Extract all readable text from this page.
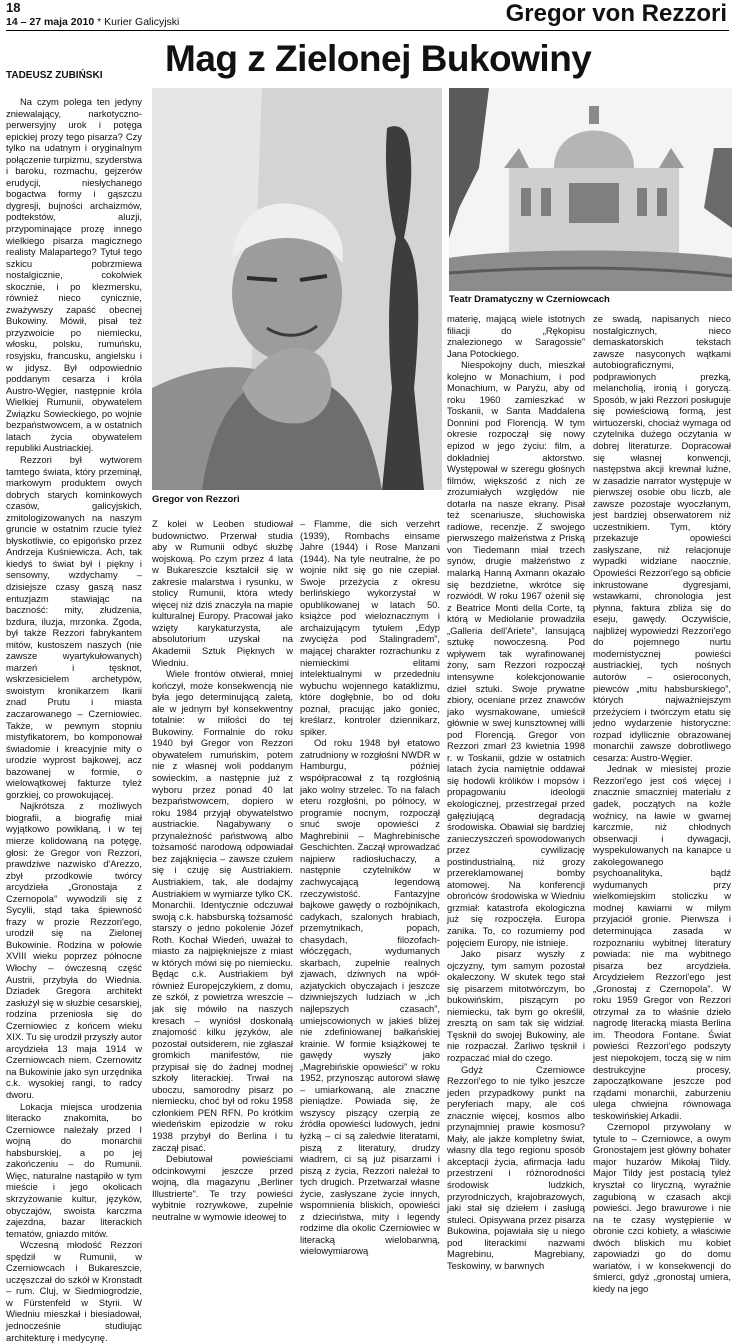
18
14 – 27 maja 2010 * Kurier Galicyjski	Gregor von Rezzori
Mag z Zielonej Bukowiny
TADEUSZ ZUBIŃSKI

Na czym polega ten jedyny zniewalający, narkotyczno-perwersyjny urok i potęga epickiej prozy tego pisarza? Czy tylko na udatnym i oryginalnym połączenie turpizmu, szyderstwa i baroku, rozmachu, gejzerów erudycji, niesłychanego bogactwa formy i gąszczu dygresji, bujności archaizmów, podtekstów, aluzji, przypominające prozę innego wielkiego pisarza magicznego realisty Malapartego? Tytuł tego szkicu pobrzmiewa nostalgicznie, cokolwiek skocznie, i po klezmersku, również nieco cynicznie, zważywszy zapaść obecnej Bukowiny. Mówił, pisał też przyzwoicie po niemiecku, włosku, polsku, rumuńsku, rosyjsku, francusku, angielsku i w jidysz. Był odpowiednio poddanym cesarza i króla Austro-Węgier, następnie króla Wielkiej Rumunii, obywatelem Związku Sowieckiego, po wojnie bezpaństwowcem, a w ostatnich latach życia obywatelem republiki Austriackiej.

Rezzori był wytworem tamtego świata, który przeminął, markowym produktem owych dobrych starych kominkowych czasów, galicyjskich, zmitologizowanych na naszym gruncie w ostatnim rzucie tyleż błyskotliwie, co epigońsko przez Andrzeja Kuśniewicza. Ach, tak kiedyś to świat był i piękny i sensowny, wzdychamy – dzisiejsze czasy gaszą nasz entuzjazm stawiając na baczność: mity, złudzenia, bzdura, iluzja, mrzonka. Zgoda, był także Rezzori fabrykantem mitów, kustoszem naszych (nie zawsze wyartykułowanych) marzeń i tęsknot, wskrzesicielem archetypów, swoistym kronikarzem Ikarii znad Prutu i miasta zaczarowanego – Czerniowiec. Także, w pewnym stopniu mistyfikatorem, bo komponował świadomie i kreacyjnie mity o urodzie wyprost bajkowej, acz bazowanej w formie, o wielowątkowej fakturze tyleż gorzkiej, co prowokującej.

Najkrótsza z możliwych biografii, a biografię miał wyjątkowo powikłaną, i w tej mierze kolidowaną na potęgę, głosi: że Gregor von Rezzori, prawdziwe nazwisko d'Arezzo, zbył przodkowie twórcy arcydzieła „Gronostaja z Czernopola” wywodzili się z Sycylii, stąd taka śpiewność frazy w prozie Rezzori'ego, urodził się na Zielonej Bukowinie. Rodzina w połowie XVIII wieku poprzez północne Włochy – ówczesną część Austrii, przybyła do Wiednia. Dziadek Gregora architekt zasłużył się w służbie cesarskiej, rodzina przeniosła się do Czerniowiec z końcem wieku XIX. Tu się urodził przyszły autor arcydzieła 13 maja 1914 w Czerniowcach niem. Czernowitz na Bukowinie jako syn urzędnika c.k. wysokiej rangi, to radcy dworu.

Lokacja miejsca urodzenia literacko znakomita, bo Czerniowce należały przed I wojną do monarchii habsburskiej, a po jej zakończeniu – do Rumunii. Więc, naturalne nastąpiło w tym mieście i jego okolicach skrzyżowanie kultur, języków, obyczajów, swoista karczma zajezdna, bazar literackich tematów, gniazdo mitów.

Wczesną młodość Rezzori spędził w Rumunii, w Czerniowcach i Bukareszcie, uczęszczał do szkół w Kronstadt – rum. Cluj, w Siedmiogrodzie, w Fürstenfeld w Styrii. W Wiedniu mieszkał i biesiadował, jednocześnie studiując architekturę i medycynę.

Gregor von Rezzori
Teatr Dramatyczny w Czerniowcach

Z kolei w Leoben studiował budownictwo. Przerwał studia aby w Rumunii odbyć służbę wojskową. Po czym przez 4 lata w Bukareszcie kształcił się w zakresie malarstwa i rysunku, w stolicy Rumunii, która wtedy więcej niż dziś znaczyła na mapie kulturalnej Europy. Pracował jako wzięty karykaturzysta, ale absolutorium uzyskał na Akademii Sztuk Pięknych w Wiedniu.

Wiele frontów otwierał, mniej kończył, może konsekwencją nie była jego determinującą zaletą, ale w jednym był konsekwentny totalnie: w miłości do tej Bukowiny. Formalnie do roku 1940 był Gregor von Rezzori obywatelem rumuńskim, potem nie z własnej woli poddanym sowieckim, a następnie już z wyboru przez ponad 40 lat bezpaństwowcem, dopiero w roku 1984 przyjął obywatelstwo austriackie. Nagabywany o przynależność państwową albo tożsamość narodową odpowiadał bez zająknięcia – zawsze czułem się i czuję się Austriakiem. Austriakiem, tak, ale dodajmy Austriakiem w wymiarze tylko CK. Monarchii. Identycznie odczuwał swoją c.k. habsburską tożsamość starszy o jedno pokolenie Józef Roth. Kochał Wiedeń, uważał to miasto za najpiękniejsze z miast w których mówi się po niemiecku. Będąc c.k. Austriakiem był również Europejczykiem, z domu, ze szkół, z powietrza wreszcie – jak się mówiło na naszych kresach – wyniósł doskonałą znajomość kilku języków, ale pozostał outsiderem, nie zgłaszał gromkich manifestów, nie przypisał się do żadnej modnej szkoły literackiej. Trwał na uboczu, samorodny pisarz po niemiecku, choć był od roku 1958 członkiem PEN RFN. Po krótkim wiedeńskim epizodzie w roku 1938 przybył do Berlina i tu zaczął pisać.

Debiutował powieściami odcinkowymi jeszcze przed wojną, dla magazynu „Berliner Illustrierte”. Te trzy powieści wybitnie rozrywkowe, zupełnie neutralne w wymowie ideowej to

– Flamme, die sich verzehrt (1939), Rombachs einsame Jahre (1944) i Rose Manzani (1944). Na tyle neutralne, że po wojnie nikt się go nie czepiał. Swoje przeżycia z okresu berlińskiego wykorzystał w opublikowanej w latach 50. książce pod wieloznacznym i archaizującym tytułem „Edyp zwycięża pod Stalingradem”, mającej charakter rozrachunku z niemieckimi elitami intelektualnymi w przededniu wybuchu wojennego kataklizmu, które dogłębnie, bo od dołu poznał, pracując jako goniec, kreślarz, kontroler dziennikarz, spiker.

Od roku 1948 był etatowo zatrudniony w rozgłośni NWDR w Hamburgu, później współpracował z tą rozgłośnią jako wolny strzelec. To na falach eteru rozgłośni, po północy, w programie nocnym, rozpoczął snuć swoje opowieści z Maghrebinii – Maghrebinische Geschichten. Zaczął wprowadzać najpierw radiosłuchaczy, a następnie czytelników w zachwycającą legendową rzeczywistość. Fantazyjne bajkowe gawędy o rozbójnikach, cadykach, szalonych hrabiach, przemytnikach, popach, chasydach, filozofach-włóczęgach, wydumanych skarbach, zupełnie realnych zjawach, dziwnych na wpół-azjatyckich obyczajach i jeszcze dziwniejszych ludziach w „ich najlepszych czasach”, umiejscowionych w jakieś bliżej nie zdefiniowanej bałkańskiej krainie. W formie książkowej te gawędy wyszły jako „Magrebińskie opowieści” w roku 1952, przynosząc autorowi sławę – umiarkowaną, ale znaczne pieniądze. Powiada się, że wszyscy piszący czerpią ze źródła opowieści ludowych, jedni łyżką – ci są zaledwie literatami, piszą z literatury, drudzy wiadrem, ci są już pisarzami i piszą z życia, Rezzori należał to tych drugich. Przetwarzał własne życie, zasłyszane życie innych, wspomnienia bliskich, opowieści z dzieciństwa, mity i legendy rodzime dla okolic Czerniowiec w literacką wielobarwną, wielowymiarową

materię, mającą wiele istotnych filiacji do „Rękopisu znalezionego w Saragossie” Jana Potockiego.

Niespokojny duch, mieszkał kolejno w Monachium, i pod Monachium, w Paryżu, aby od roku 1960 zamieszkać w Toskanii, w Santa Maddalena Donnini pod Florencją. W tym okresie rozpoczął się nowy epizod w jego życiu: film, a dokładniej aktorstwo. Występował w szeregu głośnych filmów, większość z nich ze zrozumiałych względów nie dotarła na nasze ekrany. Pisał też scenariusze, słuchowiska radiowe, recenzje. Z swojego pierwszego małżeństwa z Priską von Tiedemann miał trzech synów, drugie małżeństwo z malarką Hanną Axmann okazało się bezdzietne, wkrótce się rozwiódł. W roku 1967 ożenił się z Beatrice Monti della Corte, tą którą w Mediolanie prowadziła „Galleria dell'Ariete”, lansującą sztukę nowoczesną. Pod wpływem tak wyrafinowanej żony, sam Rezzori rozpoczął intensywne kolekcjonowanie dzieł sztuki. Swoje prywatne zbiory, oceniane przez znawców jako wysmakowane, umieścił głównie w swej kunsztownej willi pod Florencją. Gregor von Rezzori zmarł 23 kwietnia 1998 r. w Toskanii, gdzie w ostatnich latach życia namiętnie oddawał się hodowli królików i mopsów i propagowaniu ideologii ekologicznej, przestrzegał przed gałęziującą degradacją środowiska. Obawiał się bardziej zanieczyszczeń spowodowanych przez cywilizację postindustrialną, niż grozy przereklamowanej bomby atomowej. Na konferencji obrońców środowiska w Wiedniu grzmiał: katastrofa ekologiczna już się rozpoczęła. Europa zanika. To, co rozumiemy pod pojęciem Europy, nie istnieje.

Jako pisarz wyszły z ojczyzny, tym samym pozostał okaleczony. W skutek tego stał się pisarzem mitotwórczym, bo bukowińskim, piszącym po niemiecku, tak bym go określił, zresztą on sam tak się widział. Tęsknił do swojej Bukowiny, ale nie rozpaczał. Żarliwo tęsknił i rozpaczać miał do czego.

Gdyż Czerniowce Rezzori'ego to nie tylko jeszcze jeden przypadkowy punkt na peryferiach mapy, ale coś znacznie więcej, kosmos albo przynajmniej prawie kosmosu? Mały, ale jakże kompletny świat, własny dla tego regionu sposób akceptacji życia, afirmacja ładu przestrzeni i różnorodności środowisk ludzkich, przyrodniczych, krajobrazowych, jaki stał się dziełem i zasługą stuleci. Opisywana przez pisarza Bukowina, pojawiała się u niego pod literackimi nazwami Magrebinu, Magrebiany, Teskowiny, w barwnych

ze swadą, napisanych nieco nostalgicznych, nieco demaskatorskich tekstach zawsze nasyconych wątkami autobiograficznymi, podprawionych prezką, melancholią, ironią i goryczą. Sposób, w jaki Rezzori posługuje się powieściową formą, jest wirtuozerski, chociaż wymaga od czytelnika dużego oczytania w dobrej literaturze. Dopracował się własnej konwencji, następstwa akcji krewnał luźne, w zasadzie narrator występuje w pierwszej osobie obu liczb, ale zawsze pozostaje wyoczłanym, jest bardziej obserwatorem niż uczestnikiem. Tym, który przekazuje opowieści zasłyszane, niż relacjonuje wypadki widziane naocznie. Opowieści Rezzori'ego są obficie inkrustowane dygresjami, wstawkami, chronologia jest płynna, faktura zbliża się do eseju, gawędy. Oczywiście, najbliżej wypowiedzi Rezzori'ego do pojemnego nurtu modernistycznej powieści austriackiej, tych nośnych autorów – osieroconych, piewców „mitu habsburskiego”, których najważniejszym przeżyciem i twórczym etatu się jedno wydarzenie historyczne: rozpad idyllicznie obrazowanej monarchii zawsze dobrotliwego cesarza: Austro-Węgier.

Jednak w miesistej prozie Rezzori'ego jest coś więcej i znacznie smaczniej materiału z gadek, początych na koźle woźnicy, na ławie w gwarnej karczmie, niż chłodnych obserwacji i dywagacji, wyspekulowanych na kanapce u zakolegowanego psychoanalityka, bądź wydumanych przy wielkomiejskim stoliczku w modnej kawiarni w miłym przyjaciół gronie. Pierwsza i determinująca zasada w rozpoznaniu wybitnej literatury powiada: nie ma wybitnego pisarza bez arcydzieła. Arcydziełem Rezzori'ego jest „Gronostaj z Czernopola”. W roku 1959 Gregor von Rezzori otrzymał za to właśnie dzieło nagrodę literacką miasta Berlina im. Theodora Fontane. Świat powieści Rezzori'ego podszyty jest niepokojem, toczą się w nim destrukcyjne procesy, zapoczątkowane jeszcze pod rządami monarchii, zaburzeniu ulega chwiejna równowaga teskowińskiej Arkadii.

Czernopol przywołany w tytule to – Czerniowce, a owym Gronostajem jest główny bohater major huzarów Mikołaj Tildy. Major Tildy jest postacią tyleż kryształ co liryczną, wyraźnie zagubioną w czasach akcji powieści. Jego brawurowe i nie na te czasy występienie w obronie czci kobiety, a właściwie dwóch bliskich mu kobiet zapowiadzi go do domu wariatów, i w konsekwencji do śmierci, gdyż „gronostaj umiera, kiedy na jego
